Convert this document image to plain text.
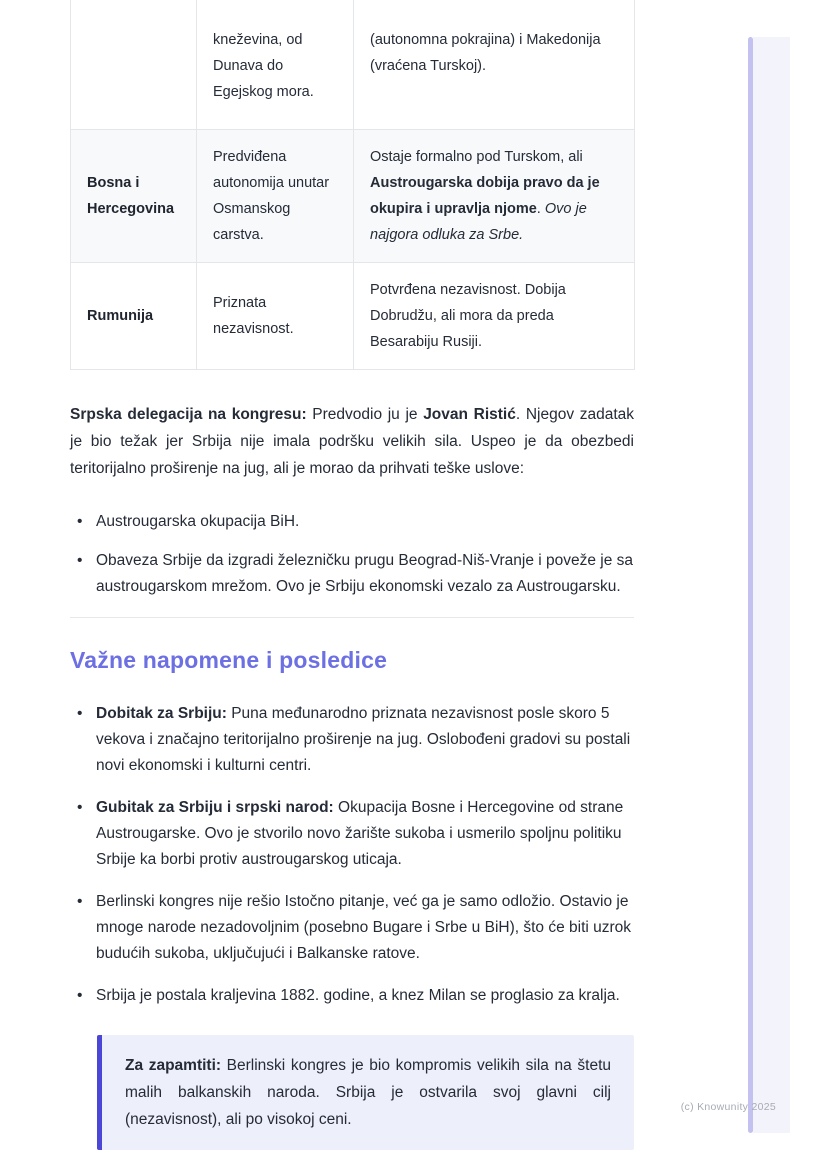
	kneževina, od Dunava do Egejskog mora.	(autonomna pokrajina) i Makedonija (vraćena Turskoj).
Bosna i Hercegovina	Predviđena autonomija unutar Osmanskog carstva.	Ostaje formalno pod Turskom, ali Austrougarska dobija pravo da je okupira i upravlja njome. Ovo je najgora odluka za Srbe.
Rumunija	Priznata nezavisnost.	Potvrđena nezavisnost. Dobija Dobrudžu, ali mora da preda Besarabiju Rusiji.

Srpska delegacija na kongresu: Predvodio ju je Jovan Ristić. Njegov zadatak je bio težak jer Srbija nije imala podršku velikih sila. Uspeo je da obezbedi teritorijalno proširenje na jug, ali je morao da prihvati teške uslove:

• Austrougarska okupacija BiH.
• Obaveza Srbije da izgradi železničku prugu Beograd-Niš-Vranje i poveže je sa austrougarskom mrežom. Ovo je Srbiju ekonomski vezalo za Austrougarsku.
Važne napomene i posledice
• Dobitak za Srbiju: Puna međunarodno priznata nezavisnost posle skoro 5 vekova i značajno teritorijalno proširenje na jug. Oslobođeni gradovi su postali novi ekonomski i kulturni centri.
• Gubitak za Srbiju i srpski narod: Okupacija Bosne i Hercegovine od strane Austrougarske. Ovo je stvorilo novo žarište sukoba i usmerilo spoljnu politiku Srbije ka borbi protiv austrougarskog uticaja.
• Berlinski kongres nije rešio Istočno pitanje, već ga je samo odložio. Ostavio je mnoge narode nezadovoljnim (posebno Bugare i Srbe u BiH), što će biti uzrok budućih sukoba, uključujući i Balkanske ratove.
• Srbija je postala kraljevina 1882. godine, a knez Milan se proglasio za kralja.
Za zapamtiti: Berlinski kongres je bio kompromis velikih sila na štetu malih balkanskih naroda. Srbija je ostvarila svoj glavni cilj (nezavisnost), ali po visokoj ceni.
(c) Knowunity 2025
